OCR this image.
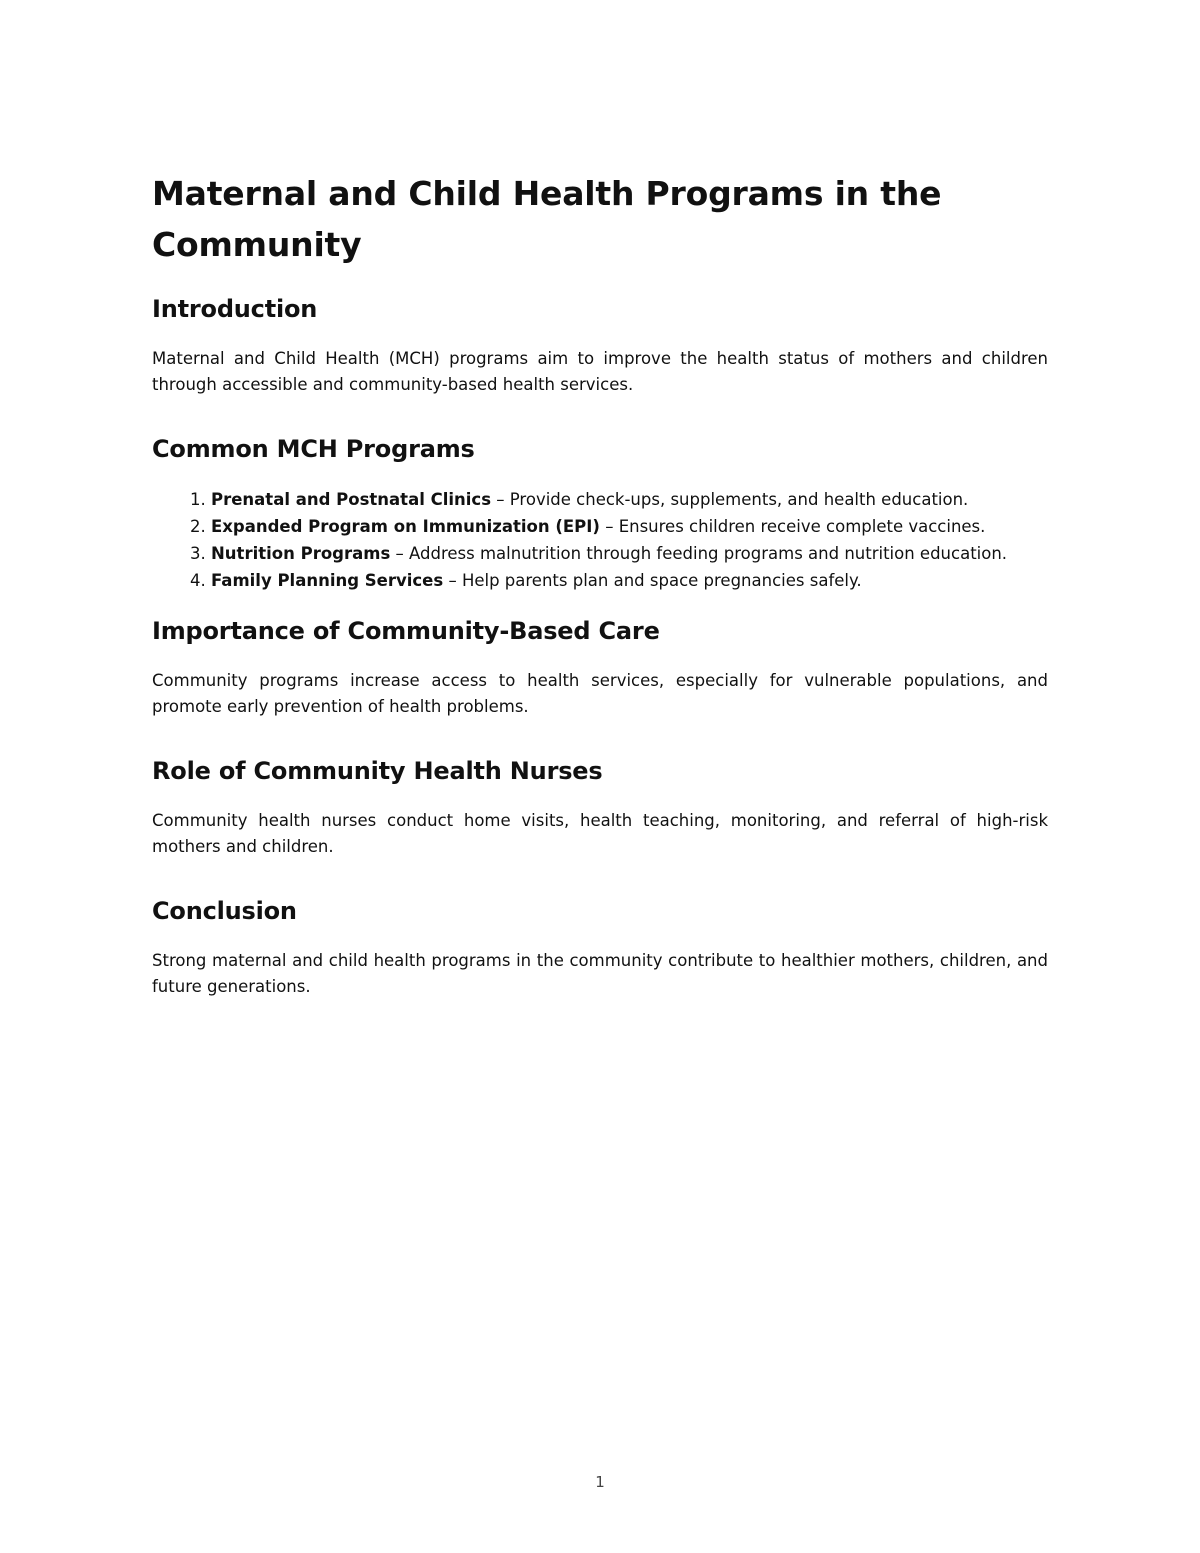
Maternal and Child Health Programs in the Community
Introduction

Maternal and Child Health (MCH) programs aim to improve the health status of mothers and children through accessible and community-based health services.

Common MCH Programs
1. Prenatal and Postnatal Clinics – Provide check-ups, supplements, and health education.
2. Expanded Program on Immunization (EPI) – Ensures children receive complete vaccines.
3. Nutrition Programs – Address malnutrition through feeding programs and nutrition education.
4. Family Planning Services – Help parents plan and space pregnancies safely.
Importance of Community-Based Care

Community programs increase access to health services, especially for vulnerable populations, and promote early prevention of health problems.

Role of Community Health Nurses

Community health nurses conduct home visits, health teaching, monitoring, and referral of high-risk mothers and children.

Conclusion

Strong maternal and child health programs in the community contribute to healthier mothers, children, and future generations.

1
